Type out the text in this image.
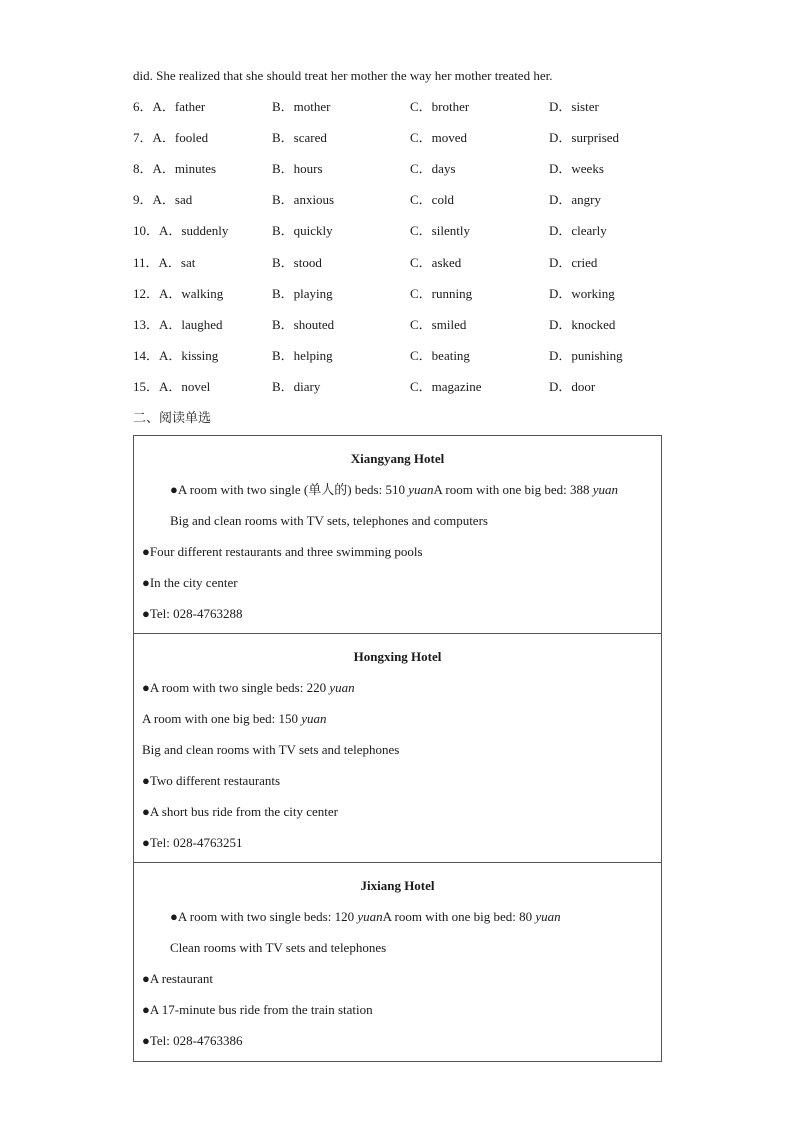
did. She realized that she should treat her mother the way her mother treated her.
6．A．father	B．mother	C．brother	D．sister
7．A．fooled	B．scared	C．moved	D．surprised
8．A．minutes	B．hours	C．days	D．weeks
9．A．sad	B．anxious	C．cold	D．angry
10．A．suddenly	B．quickly	C．silently	D．clearly
11．A．sat	B．stood	C．asked	D．cried
12．A．walking	B．playing	C．running	D．working
13．A．laughed	B．shouted	C．smiled	D．knocked
14．A．kissing	B．helping	C．beating	D．punishing
15．A．novel	B．diary	C．magazine	D．door
二、阅读单选
Xiangyang Hotel
●A room with two single (单人的) beds: 510 yuanA room with one big bed: 388 yuan
Big and clean rooms with TV sets, telephones and computers
●Four different restaurants and three swimming pools
●In the city center
●Tel: 028-4763288
Hongxing Hotel
●A room with two single beds: 220 yuan
A room with one big bed: 150 yuan
Big and clean rooms with TV sets and telephones
●Two different restaurants
●A short bus ride from the city center
●Tel: 028-4763251
Jixiang Hotel
●A room with two single beds: 120 yuanA room with one big bed: 80 yuan
Clean rooms with TV sets and telephones
●A restaurant
●A 17-minute bus ride from the train station
●Tel: 028-4763386
